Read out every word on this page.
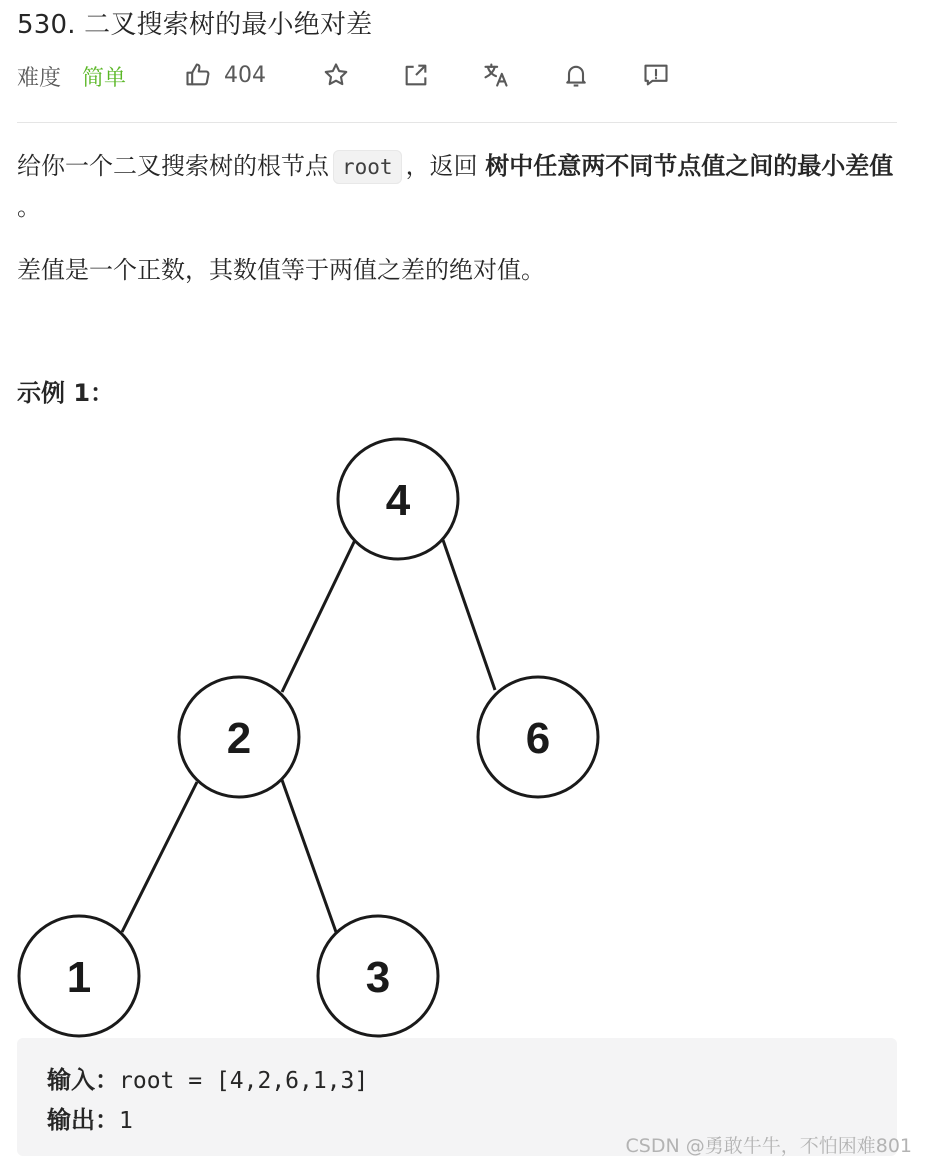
530. 二叉搜索树的最小绝对差
难度 简单	404

给你一个二叉搜索树的根节点 root ，返回 树中任意两不同节点值之间的最小差值 。

差值是一个正数，其数值等于两值之差的绝对值。
示例 1：
4
2	6
1	3
输入：root = [4,2,6,1,3]
输出：1
CSDN @勇敢牛牛，不怕困难801
